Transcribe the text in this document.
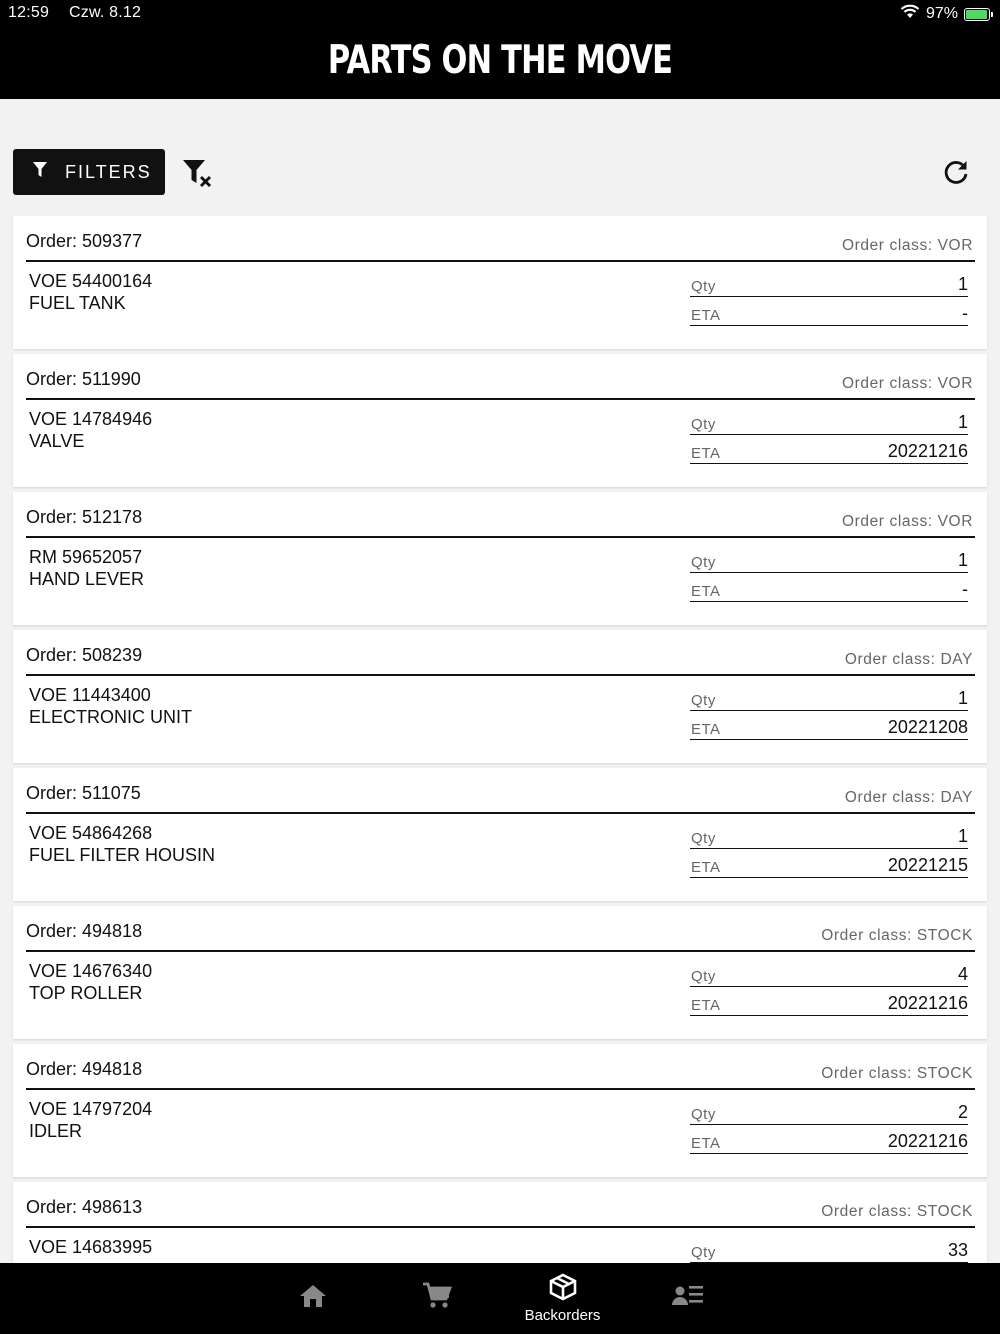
12:59 Czw. 8.12	97%
PARTS ON THE MOVE
FILTERS
Order: 509377	Order class: VOR
VOE 54400164
FUEL TANK
Qty	1
ETA	-
Order: 511990	Order class: VOR
VOE 14784946
VALVE
Qty	1
ETA	20221216
Order: 512178	Order class: VOR
RM 59652057
HAND LEVER
Qty	1
ETA	-
Order: 508239	Order class: DAY
VOE 11443400
ELECTRONIC UNIT
Qty	1
ETA	20221208
Order: 511075	Order class: DAY
VOE 54864268
FUEL FILTER HOUSIN
Qty	1
ETA	20221215
Order: 494818	Order class: STOCK
VOE 14676340
TOP ROLLER
Qty	4
ETA	20221216
Order: 494818	Order class: STOCK
VOE 14797204
IDLER
Qty	2
ETA	20221216
Order: 498613	Order class: STOCK
VOE 14683995	Qty	33
Backorders
